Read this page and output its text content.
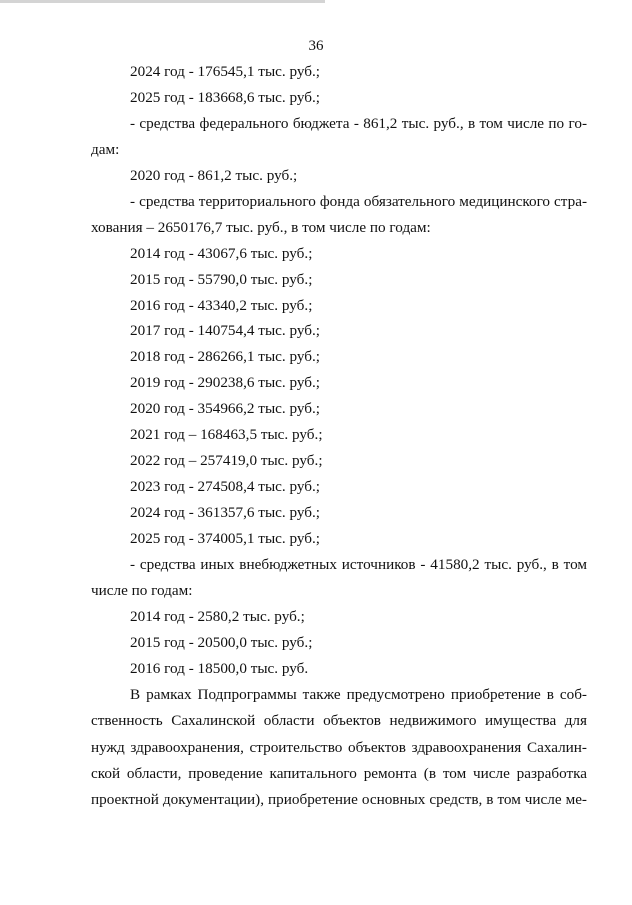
36
2024 год - 176545,1 тыс. руб.;
2025 год - 183668,6 тыс. руб.;
- средства федерального бюджета - 861,2 тыс. руб., в том числе по го-
дам:
2020 год - 861,2 тыс. руб.;
- средства территориального фонда обязательного медицинского стра-
хования – 2650176,7 тыс. руб., в том числе по годам:
2014 год - 43067,6 тыс. руб.;
2015 год - 55790,0 тыс. руб.;
2016 год - 43340,2 тыс. руб.;
2017 год - 140754,4 тыс. руб.;
2018 год - 286266,1 тыс. руб.;
2019 год - 290238,6 тыс. руб.;
2020 год - 354966,2 тыс. руб.;
2021 год – 168463,5 тыс. руб.;
2022 год – 257419,0 тыс. руб.;
2023 год - 274508,4 тыс. руб.;
2024 год - 361357,6 тыс. руб.;
2025 год - 374005,1 тыс. руб.;
- средства иных внебюджетных источников - 41580,2 тыс. руб., в том
числе по годам:
2014 год - 2580,2 тыс. руб.;
2015 год - 20500,0 тыс. руб.;
2016 год - 18500,0 тыс. руб.
В рамках Подпрограммы также предусмотрено приобретение в соб-
ственность Сахалинской области объектов недвижимого имущества для
нужд здравоохранения, строительство объектов здравоохранения Сахалин-
ской области, проведение капитального ремонта (в том числе разработка
проектной документации), приобретение основных средств, в том числе ме-
